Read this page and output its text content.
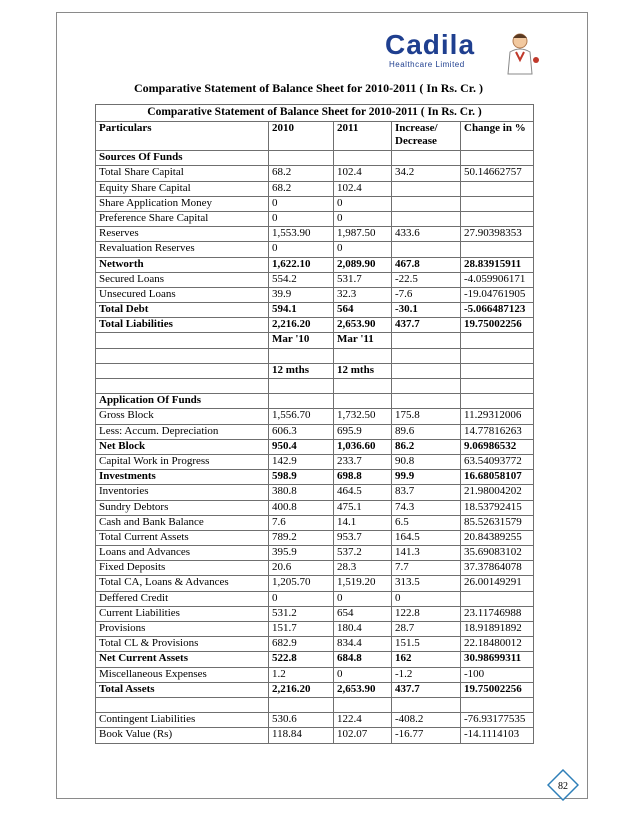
Cadila
Healthcare Limited
Comparative Statement of Balance Sheet for 2010-2011 ( In Rs. Cr. )
Comparative Statement of Balance Sheet for 2010-2011 ( In Rs. Cr. )				
Particulars	2010	2011	Increase/ Decrease	Change in %
Sources Of Funds				
Total Share Capital	68.2	102.4	34.2	50.14662757
Equity Share Capital	68.2	102.4		
Share Application Money	0	0		
Preference Share Capital	0	0		
Reserves	1,553.90	1,987.50	433.6	27.90398353
Revaluation Reserves	0	0		
Networth	1,622.10	2,089.90	467.8	28.83915911
Secured Loans	554.2	531.7	-22.5	-4.059906171
Unsecured Loans	39.9	32.3	-7.6	-19.04761905
Total Debt	594.1	564	-30.1	-5.066487123
Total Liabilities	2,216.20	2,653.90	437.7	19.75002256
	Mar '10	Mar '11		

	12 mths	12 mths		

Application Of Funds				
Gross Block	1,556.70	1,732.50	175.8	11.29312006
Less: Accum. Depreciation	606.3	695.9	89.6	14.77816263
Net Block	950.4	1,036.60	86.2	9.06986532
Capital Work in Progress	142.9	233.7	90.8	63.54093772
Investments	598.9	698.8	99.9	16.68058107
Inventories	380.8	464.5	83.7	21.98004202
Sundry Debtors	400.8	475.1	74.3	18.53792415
Cash and Bank Balance	7.6	14.1	6.5	85.52631579
Total Current Assets	789.2	953.7	164.5	20.84389255
Loans and Advances	395.9	537.2	141.3	35.69083102
Fixed Deposits	20.6	28.3	7.7	37.37864078
Total CA, Loans & Advances	1,205.70	1,519.20	313.5	26.00149291
Deffered Credit	0	0	0	
Current Liabilities	531.2	654	122.8	23.11746988
Provisions	151.7	180.4	28.7	18.91891892
Total CL & Provisions	682.9	834.4	151.5	22.18480012
Net Current Assets	522.8	684.8	162	30.98699311
Miscellaneous Expenses	1.2	0	-1.2	-100
Total Assets	2,216.20	2,653.90	437.7	19.75002256

Contingent Liabilities	530.6	122.4	-408.2	-76.93177535
Book Value (Rs)	118.84	102.07	-16.77	-14.1114103
82
